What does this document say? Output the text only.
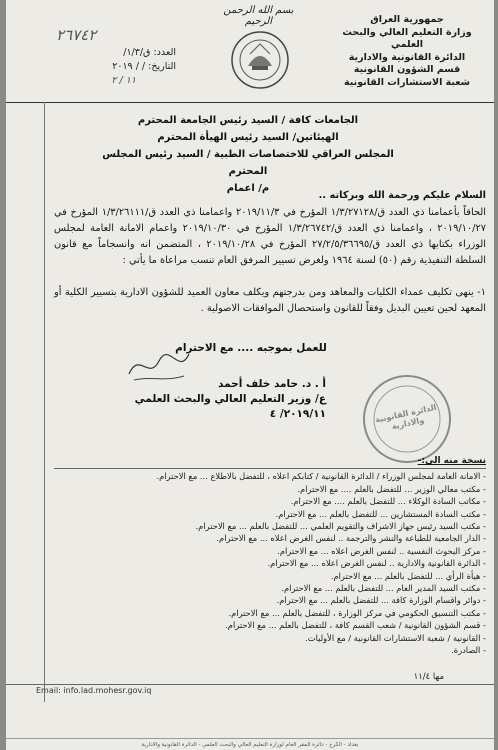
بسم الله الرحمن الرحيم	جمهورية العراق
وزارة التعليم العالي والبحث العلمي
الدائرة القانونية والادارية
قسم الشؤون القانونية
شعبة الاستشارات القانونية
٢٦٧٤٢
العدد: ق/١/٣/
التاريخ: / / ٢٠١٩
١١ / ٢
الجامعات كافة / السيد رئيس الجامعة المحترم
الهيئاتين/ السيد رئيس الهيأة المحترم
المجلس العراقي للاختصاصات الطبية / السيد رئيس المجلس المحترم
م/ اعمام
السلام عليكم ورحمة الله وبركاته ..
الحاقاً بأعمامنا ذي العدد ق/١/٣/٢٧١٢٨ المؤرخ في ٢٠١٩/١١/٣ واعمامنا ذي العدد ق/١/٣/٢٦١١١ المؤرخ في ٢٠١٩/١٠/٢٧ ، واعمامنا ذي العدد ق/١/٣/٢٦٧٤٢ المؤرخ في ٢٠١٩/١٠/٣٠ واعمام الامانة العامة لمجلس الوزراء بكتابها ذي العدد ق/٢٧/٢/٥/٣٦٦٩٥ المؤرخ في ٢٠١٩/١٠/٢٨ ، المتضمن انه وانسجاماً مع قانون السلطة التنفيذية رقم (٥٠) لسنة ١٩٦٤ ولغرض تسيير المرفق العام تنسب مراعاة ما يأتي :
١- ينهى تكليف عمداء الكليات والمعاهد ومن بدرجتهم ويكلف معاون العميد للشؤون الادارية بتسيير الكلية أو المعهد لحين تعيين البديل وفقاً للقانون واستحصال الموافقات الاصولية .
للعمل بموجبه .... مع الاحترام
أ . د. حامد خلف أحمد
ع/ وزير التعليم العالي والبحث العلمي
٢٠١٩/١١/ ٤	الدائرة القانونية والادارية
نسخة منه الى:-
- الامانة العامة لمجلس الوزراء / الدائرة القانونية / كتابكم اعلاه ، للتفضل بالاطلاع ... مع الاحترام.
- مكتب معالي الوزير ... للتفضل بالعلم .... مع الاحترام.
- مكاتب السادة الوكلاء ... للتفضل بالعلم .... مع الاحترام.
- مكتب السادة المستشارين ... للتفضل بالعلم ... مع الاحترام.
- مكتب السيد رئيس جهاز الاشراف والتقويم العلمي ... للتفضل بالعلم ... مع الاحترام.
- الدار الجامعية للطباعة والنشر والترجمة .. لنفس الغرض اعلاه ... مع الاحترام.
- مركز البحوث النفسية .. لنفس الغرض اعلاه ... مع الاحترام.
- الدائرة القانونية والادارية .. لنفس الغرض اعلاه ... مع الاحترام.
- هيأة الرأي ... للتفضل بالعلم ... مع الاحترام.
- مكتب السيد المدير العام ... للتفضل بالعلم ... مع الاحترام.
- دوائر واقسام الوزارة كافة ... للتفضل بالعلم ... مع الاحترام.
- مكتب التنسيق الحكومي في مركز الوزارة ، للتفضل بالعلم ... مع الاحترام.
- قسم الشؤون القانونية / شعب القسم كافة ، للتفضل بالعلم ... مع الاحترام.
- القانونية / شعبة الاستشارات القانونية / مع الأوليات.
- الصادرة.
مها ١١/٤
Email: info.lad.mohesr.gov.iq
بغداد - الكرخ - دائرة المقر العام لوزارة التعليم العالي والبحث العلمي - الدائرة القانونية والادارية
